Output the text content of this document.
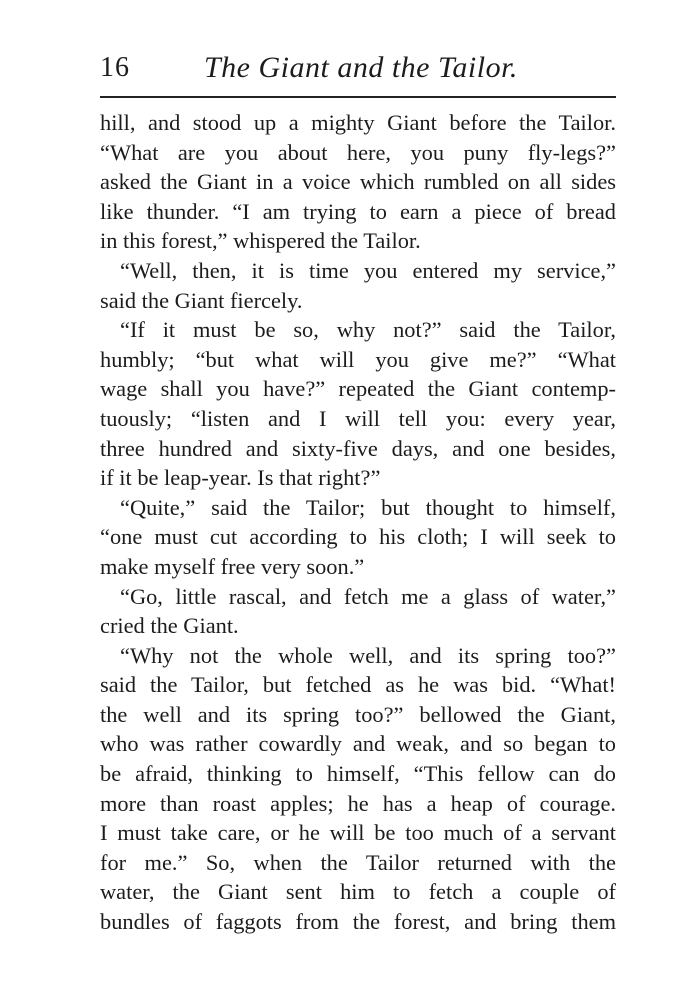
16 The Giant and the Tailor.
hill, and stood up a mighty Giant before the Tailor.
“What are you about here, you puny fly-legs?”
asked the Giant in a voice which rumbled on all sides
like thunder. “I am trying to earn a piece of bread
in this forest,” whispered the Tailor.
“Well, then, it is time you entered my service,”
said the Giant fiercely.
“If it must be so, why not?” said the Tailor,
humbly; “but what will you give me?” “What
wage shall you have?” repeated the Giant contemp-
tuously; “listen and I will tell you: every year,
three hundred and sixty-five days, and one besides,
if it be leap-year. Is that right?”
“Quite,” said the Tailor; but thought to himself,
“one must cut according to his cloth; I will seek to
make myself free very soon.”
“Go, little rascal, and fetch me a glass of water,”
cried the Giant.
“Why not the whole well, and its spring too?”
said the Tailor, but fetched as he was bid. “What!
the well and its spring too?” bellowed the Giant,
who was rather cowardly and weak, and so began to
be afraid, thinking to himself, “This fellow can do
more than roast apples; he has a heap of courage.
I must take care, or he will be too much of a servant
for me.” So, when the Tailor returned with the
water, the Giant sent him to fetch a couple of
bundles of faggots from the forest, and bring them
